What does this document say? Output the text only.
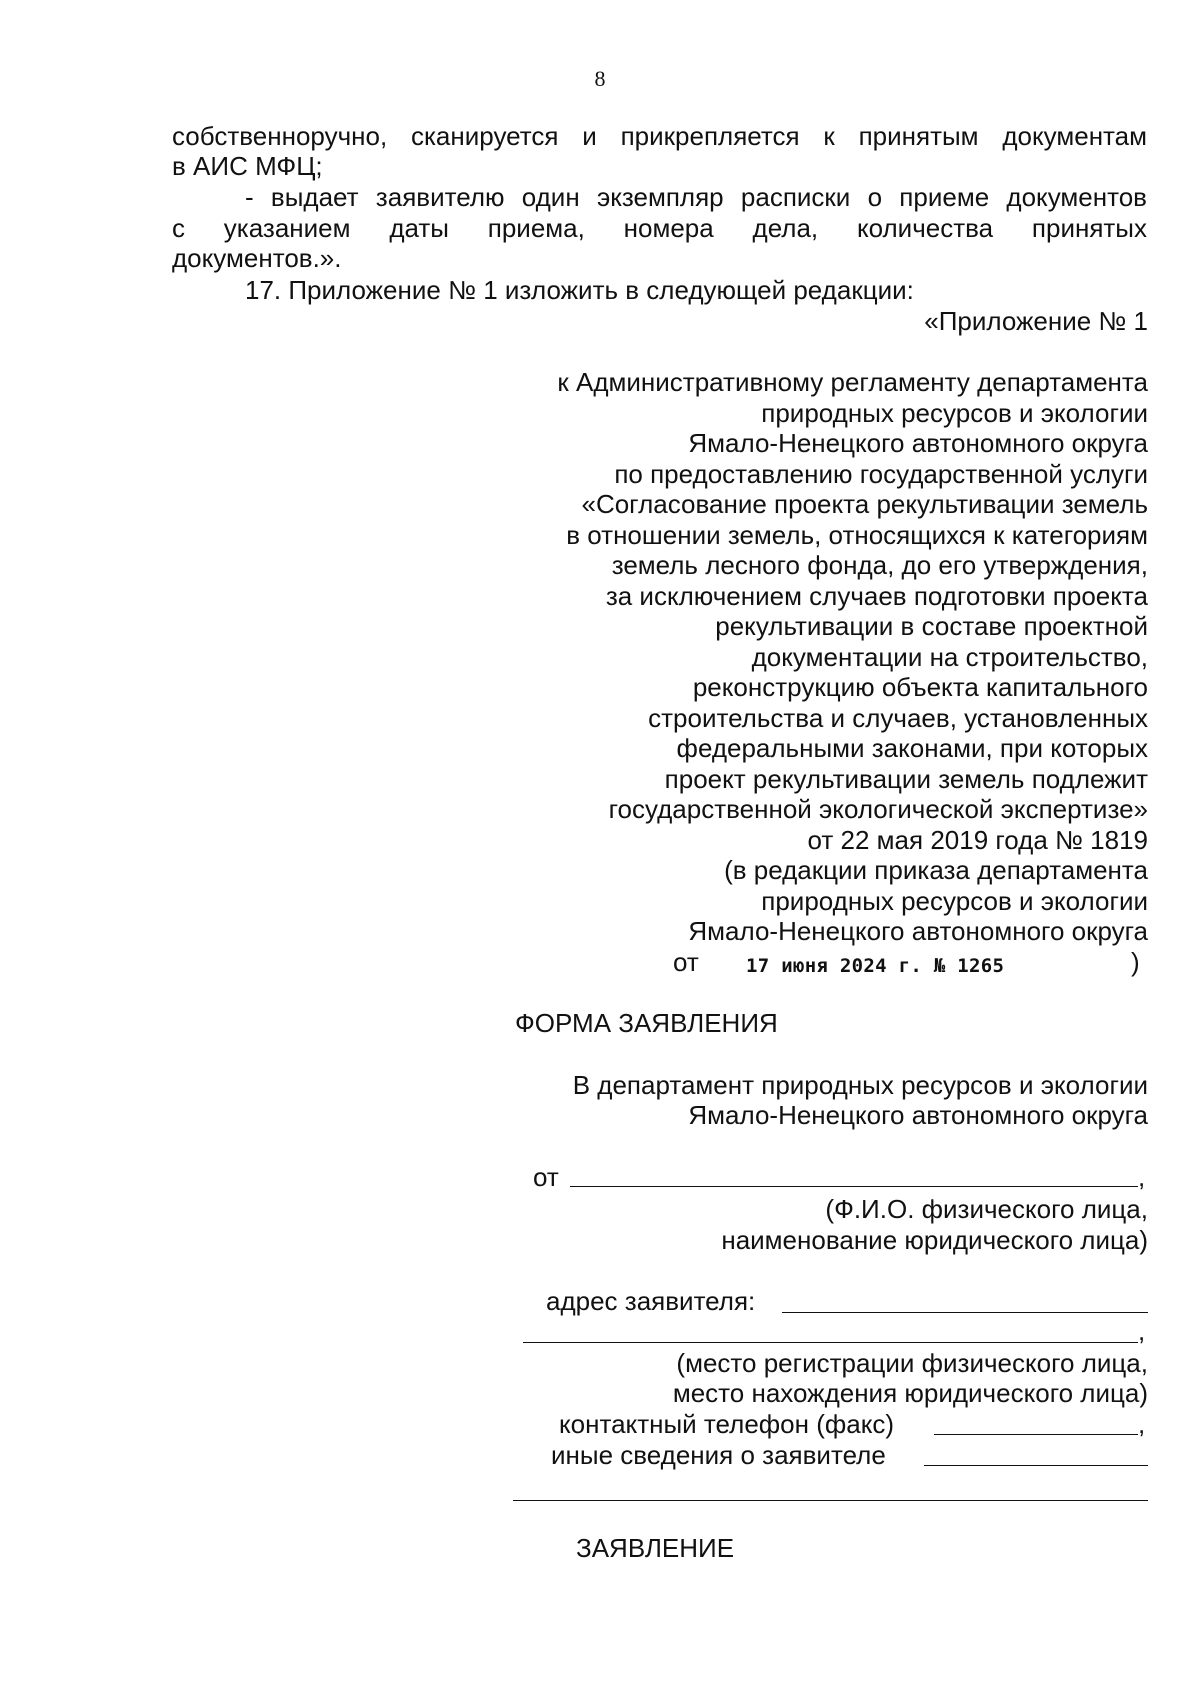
8
собственноручно, сканируется и прикрепляется к принятым документам
в АИС МФЦ;
- выдает заявителю один экземпляр расписки о приеме документов
с указанием даты приема, номера дела, количества принятых
документов.».
17. Приложение № 1 изложить в следующей редакции:
«Приложение № 1
к Административному регламенту департамента
природных ресурсов и экологии
Ямало-Ненецкого автономного округа
по предоставлению государственной услуги
«Согласование проекта рекультивации земель
в отношении земель, относящихся к категориям
земель лесного фонда, до его утверждения,
за исключением случаев подготовки проекта
рекультивации в составе проектной
документации на строительство,
реконструкцию объекта капитального
строительства и случаев, установленных
федеральными законами, при которых
проект рекультивации земель подлежит
государственной экологической экспертизе»
от 22 мая 2019 года № 1819
(в редакции приказа департамента
природных ресурсов и экологии
Ямало-Ненецкого автономного округа
от 17 июня 2024 г. № 1265	)
ФОРМА ЗАЯВЛЕНИЯ
В департамент природных ресурсов и экологии
Ямало-Ненецкого автономного округа
от	,
(Ф.И.О. физического лица,
наименование юридического лица)
адрес заявителя:
,
(место регистрации физического лица,
место нахождения юридического лица)
контактный телефон (факс)	,
иные сведения о заявителе
ЗАЯВЛЕНИЕ
